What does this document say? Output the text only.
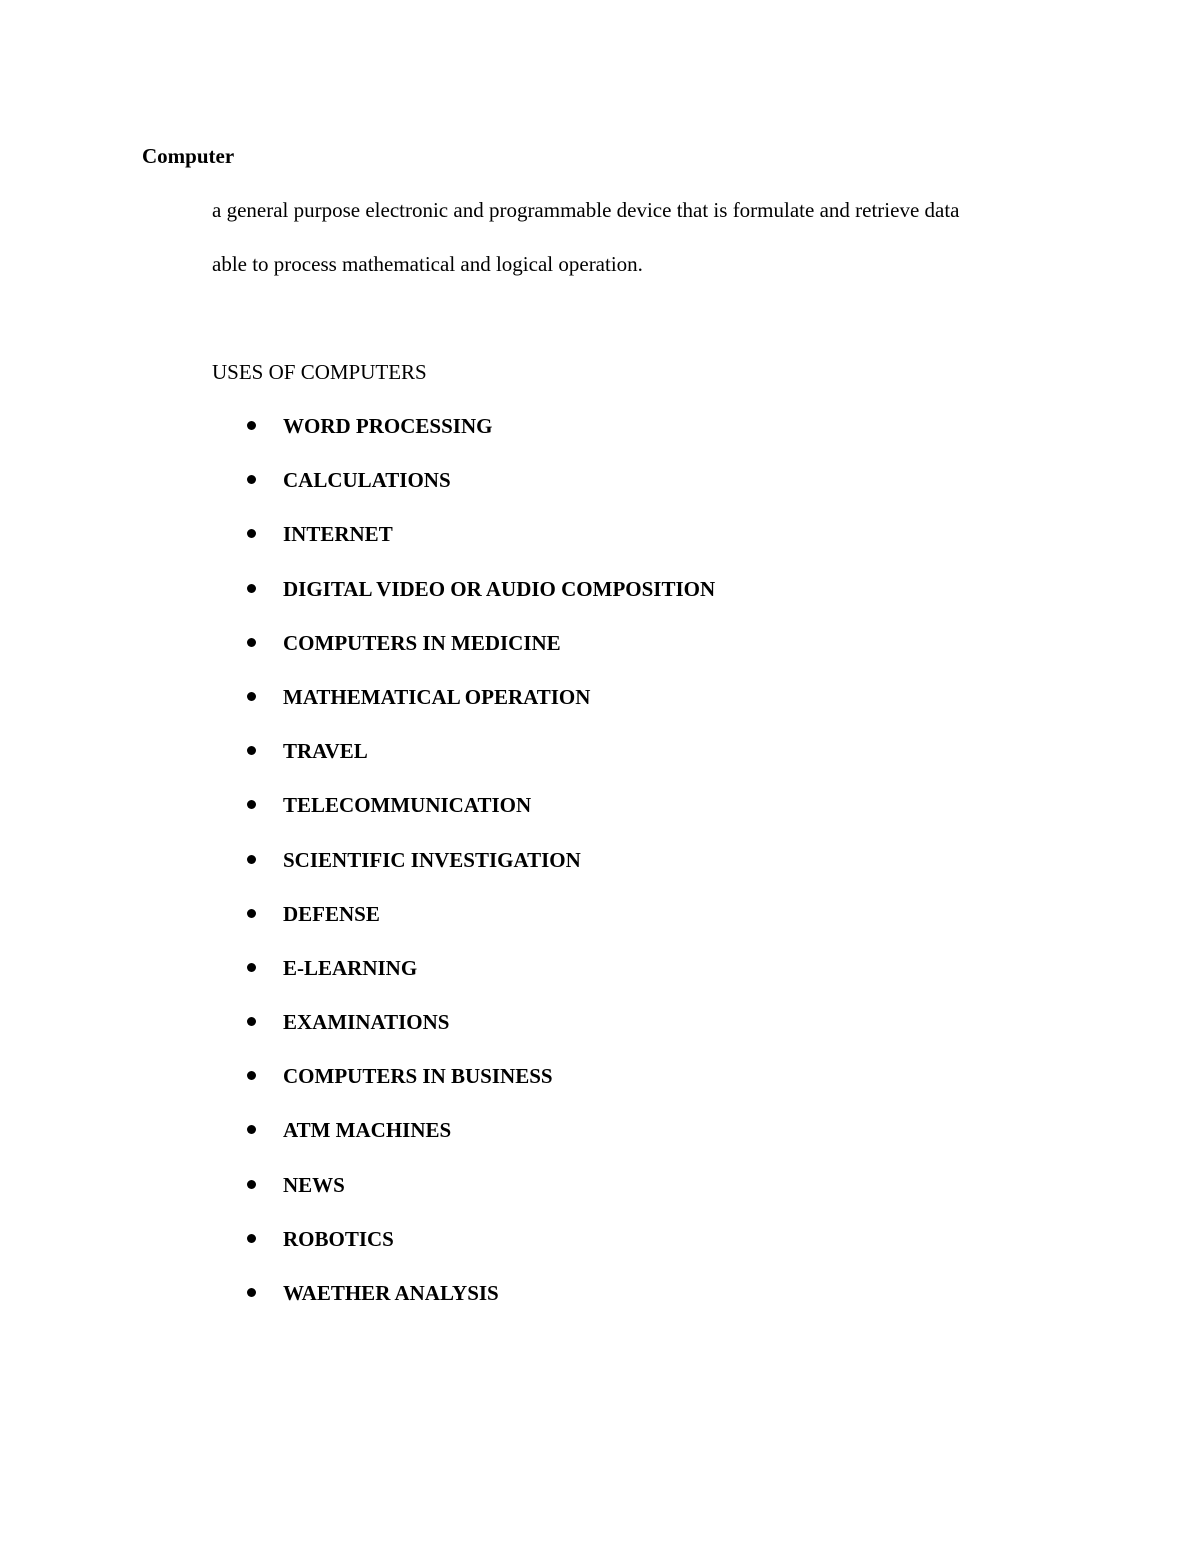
Computer
a general purpose electronic and programmable device that is formulate and retrieve data
able to process mathematical and logical operation.
USES OF COMPUTERS
WORD PROCESSING
CALCULATIONS
INTERNET
DIGITAL VIDEO OR AUDIO COMPOSITION
COMPUTERS IN MEDICINE
MATHEMATICAL OPERATION
TRAVEL
TELECOMMUNICATION
SCIENTIFIC INVESTIGATION
DEFENSE
E-LEARNING
EXAMINATIONS
COMPUTERS IN BUSINESS
ATM MACHINES
NEWS
ROBOTICS
WAETHER ANALYSIS
